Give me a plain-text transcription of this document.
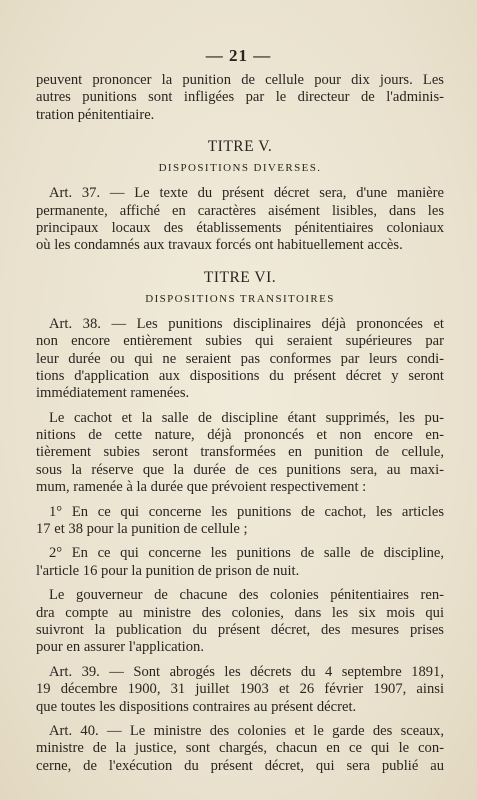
— 21 —
peuvent prononcer la punition de cellule pour dix jours. Les
autres punitions sont infligées par le directeur de l'adminis-
tration pénitentiaire.
TITRE V.
DISPOSITIONS DIVERSES.
Art. 37. — Le texte du présent décret sera, d'une manière
permanente, affiché en caractères aisément lisibles, dans les
principaux locaux des établissements pénitentiaires coloniaux
où les condamnés aux travaux forcés ont habituellement accès.
TITRE VI.
DISPOSITIONS TRANSITOIRES
Art. 38. — Les punitions disciplinaires déjà prononcées et
non encore entièrement subies qui seraient supérieures par
leur durée ou qui ne seraient pas conformes par leurs condi-
tions d'application aux dispositions du présent décret y seront
immédiatement ramenées.
Le cachot et la salle de discipline étant supprimés, les pu-
nitions de cette nature, déjà prononcés et non encore en-
tièrement subies seront transformées en punition de cellule,
sous la réserve que la durée de ces punitions sera, au maxi-
mum, ramenée à la durée que prévoient respectivement :
1° En ce qui concerne les punitions de cachot, les articles
17 et 38 pour la punition de cellule ;
2° En ce qui concerne les punitions de salle de discipline,
l'article 16 pour la punition de prison de nuit.
Le gouverneur de chacune des colonies pénitentiaires ren-
dra compte au ministre des colonies, dans les six mois qui
suivront la publication du présent décret, des mesures prises
pour en assurer l'application.
Art. 39. — Sont abrogés les décrets du 4 septembre 1891,
19 décembre 1900, 31 juillet 1903 et 26 février 1907, ainsi
que toutes les dispositions contraires au présent décret.
Art. 40. — Le ministre des colonies et le garde des sceaux,
ministre de la justice, sont chargés, chacun en ce qui le con-
cerne, de l'exécution du présent décret, qui sera publié au
